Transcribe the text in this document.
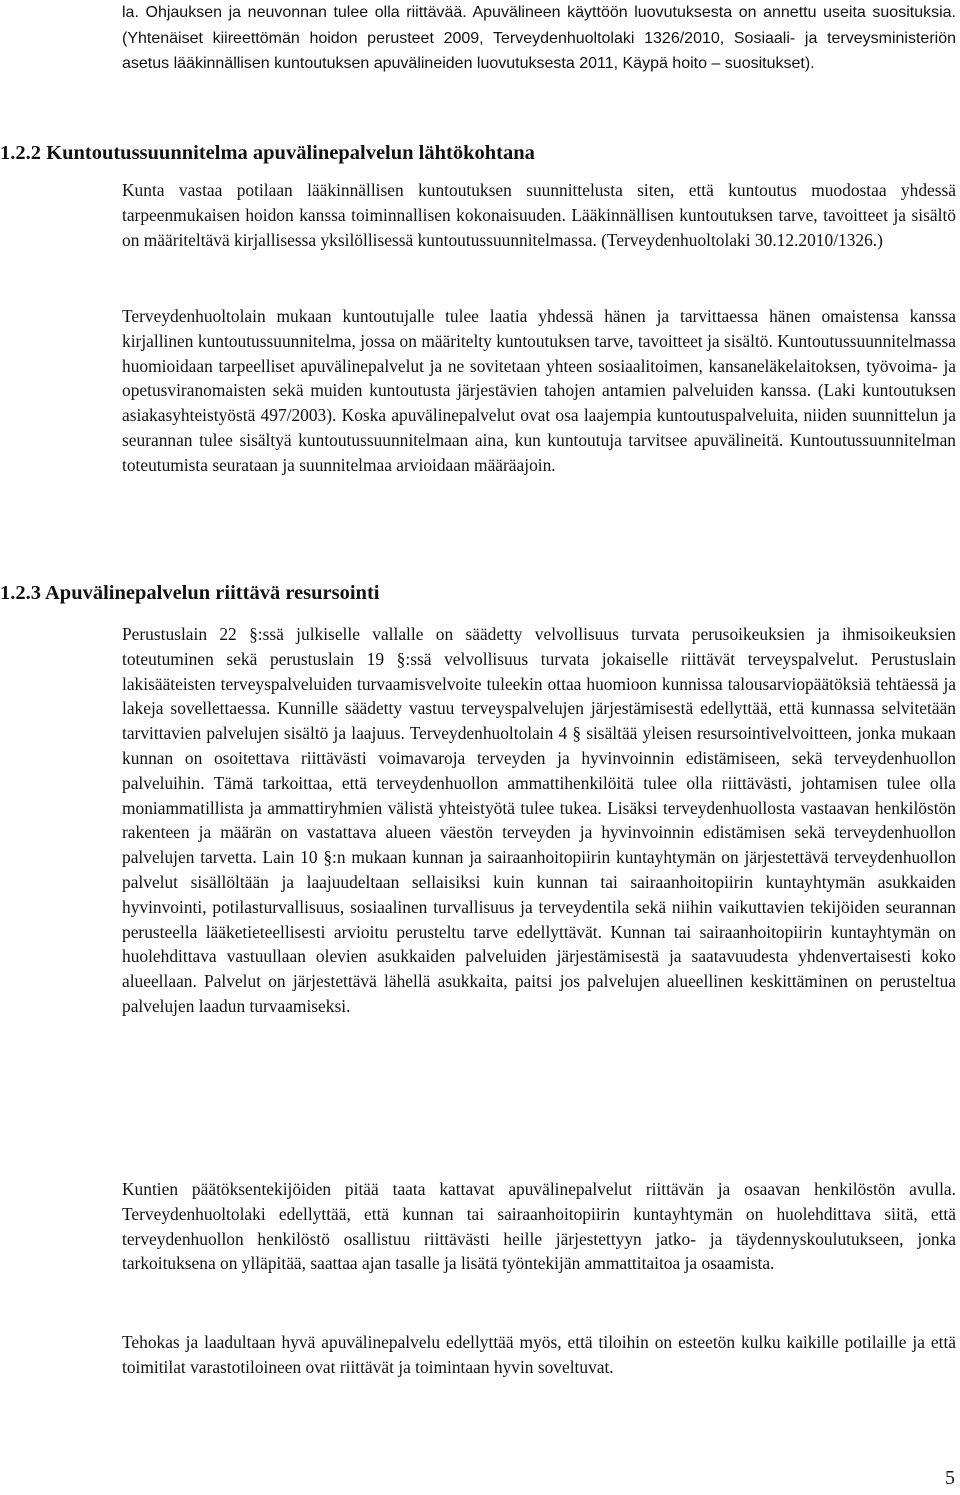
la. Ohjauksen ja neuvonnan tulee olla riittävää. Apuvälineen käyttöön luovutuksesta on annettu useita suosituksia. (Yhtenäiset kiireettömän hoidon perusteet 2009, Terveydenhuoltolaki 1326/2010, Sosiaali- ja terveysministeriön asetus lääkinnällisen kuntoutuksen apuvälineiden luovutuksesta 2011, Käypä hoito – suositukset).

1.2.2 Kuntoutussuunnitelma apuvälinepalvelun lähtökohtana

Kunta vastaa potilaan lääkinnällisen kuntoutuksen suunnittelusta siten, että kuntoutus muodostaa yhdessä tarpeenmukaisen hoidon kanssa toiminnallisen kokonaisuuden. Lääkinnällisen kuntoutuksen tarve, tavoitteet ja sisältö on määriteltävä kirjallisessa yksilöllisessä kuntoutussuunnitelmassa. (Terveydenhuoltolaki 30.12.2010/1326.)

Terveydenhuoltolain mukaan kuntoutujalle tulee laatia yhdessä hänen ja tarvittaessa hänen omaistensa kanssa kirjallinen kuntoutussuunnitelma, jossa on määritelty kuntoutuksen tarve, tavoitteet ja sisältö. Kuntoutussuunnitelmassa huomioidaan tarpeelliset apuvälinepalvelut ja ne sovitetaan yhteen sosiaalitoimen, kansaneläkelaitoksen, työvoima- ja opetusviranomaisten sekä muiden kuntoutusta järjestävien tahojen antamien palveluiden kanssa. (Laki kuntoutuksen asiakasyhteistyöstä 497/2003). Koska apuvälinepalvelut ovat osa laajempia kuntoutuspalveluita, niiden suunnittelun ja seurannan tulee sisältyä kuntoutussuunnitelmaan aina, kun kuntoutuja tarvitsee apuvälineitä. Kuntoutussuunnitelman toteutumista seurataan ja suunnitelmaa arvioidaan määräajoin.

1.2.3 Apuvälinepalvelun riittävä resursointi

Perustuslain 22 §:ssä julkiselle vallalle on säädetty velvollisuus turvata perusoikeuksien ja ihmisoikeuksien toteutuminen sekä perustuslain 19 §:ssä velvollisuus turvata jokaiselle riittävät terveyspalvelut. Perustuslain lakisääteisten terveyspalveluiden turvaamisvelvoite tuleekin ottaa huomioon kunnissa talousarviopäätöksiä tehtäessä ja lakeja sovellettaessa. Kunnille säädetty vastuu terveyspalvelujen järjestämisestä edellyttää, että kunnassa selvitetään tarvittavien palvelujen sisältö ja laajuus. Terveydenhuoltolain 4 § sisältää yleisen resursointivelvoitteen, jonka mukaan kunnan on osoitettava riittävästi voimavaroja terveyden ja hyvinvoinnin edistämiseen, sekä terveydenhuollon palveluihin. Tämä tarkoittaa, että terveydenhuollon ammattihenkilöitä tulee olla riittävästi, johtamisen tulee olla moniammatillista ja ammattiryhmien välistä yhteistyötä tulee tukea. Lisäksi terveydenhuollosta vastaavan henkilöstön rakenteen ja määrän on vastattava alueen väestön terveyden ja hyvinvoinnin edistämisen sekä terveydenhuollon palvelujen tarvetta. Lain 10 §:n mukaan kunnan ja sairaanhoitopiirin kuntayhtymän on järjestettävä terveydenhuollon palvelut sisällöltään ja laajuudeltaan sellaisiksi kuin kunnan tai sairaanhoitopiirin kuntayhtymän asukkaiden hyvinvointi, potilasturvallisuus, sosiaalinen turvallisuus ja terveydentila sekä niihin vaikuttavien tekijöiden seurannan perusteella lääketieteellisesti arvioitu perusteltu tarve edellyttävät. Kunnan tai sairaanhoitopiirin kuntayhtymän on huolehdittava vastuullaan olevien asukkaiden palveluiden järjestämisestä ja saatavuudesta yhdenvertaisesti koko alueellaan. Palvelut on järjestettävä lähellä asukkaita, paitsi jos palvelujen alueellinen keskittäminen on perusteltua palvelujen laadun turvaamiseksi.

Kuntien päätöksentekijöiden pitää taata kattavat apuvälinepalvelut riittävän ja osaavan henkilöstön avulla. Terveydenhuoltolaki edellyttää, että kunnan tai sairaanhoitopiirin kuntayhtymän on huolehdittava siitä, että terveydenhuollon henkilöstö osallistuu riittävästi heille järjestettyyn jatko- ja täydennyskoulutukseen, jonka tarkoituksena on ylläpitää, saattaa ajan tasalle ja lisätä työntekijän ammattitaitoa ja osaamista.

Tehokas ja laadultaan hyvä apuvälinepalvelu edellyttää myös, että tiloihin on esteetön kulku kaikille potilaille ja että toimitilat varastotiloineen ovat riittävät ja toimintaan hyvin soveltuvat.

5
